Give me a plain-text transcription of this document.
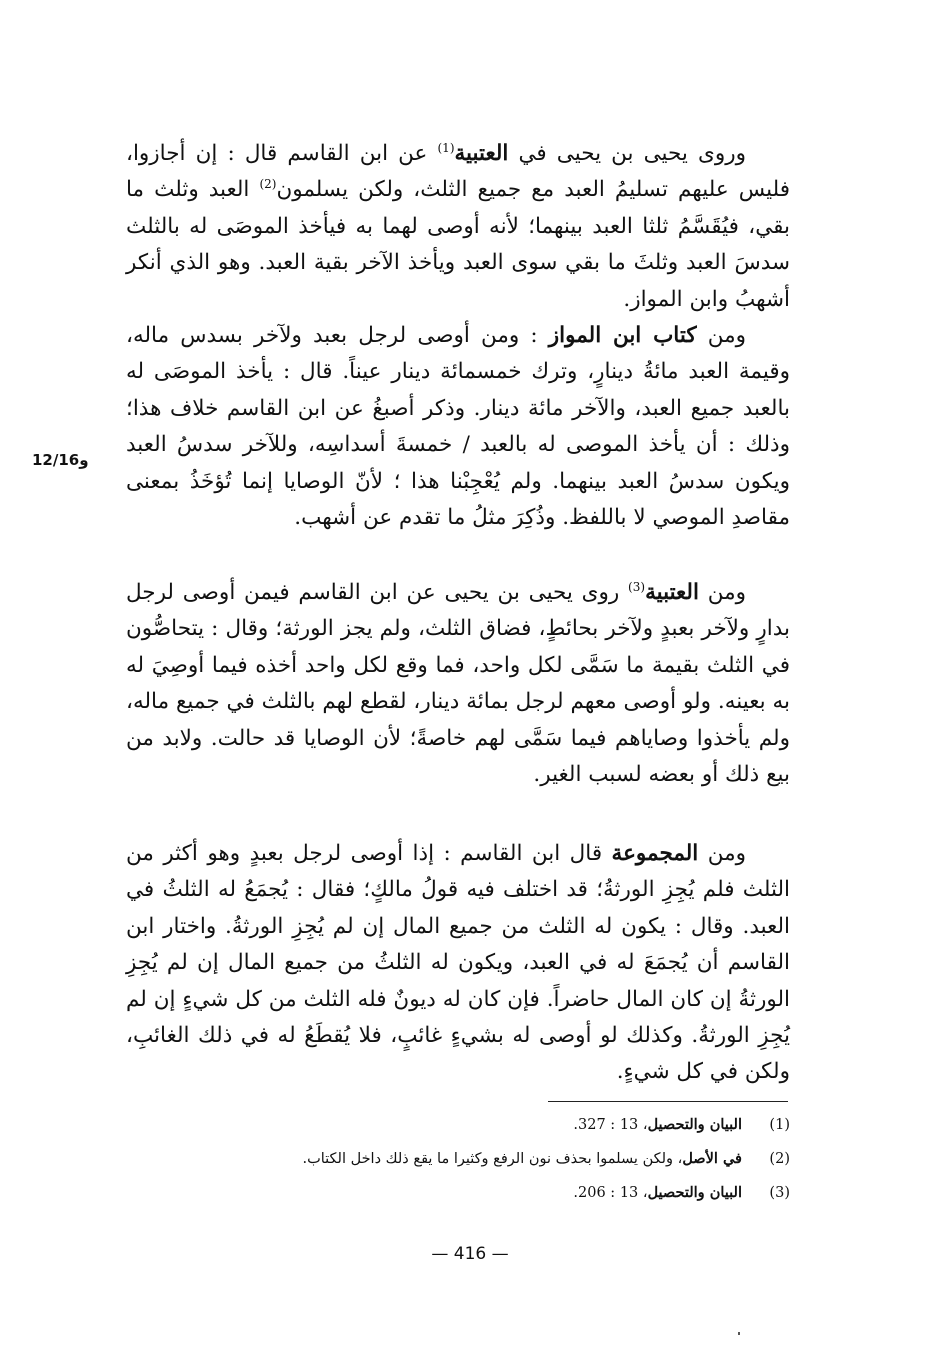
وروى يحيى بن يحيى في العتبية$^{(1)}$ عن ابن القاسم قال : إن أجازوا، فليس عليهم تسليمُ العبد مع جميع الثلث، ولكن يسلمون$^{(2)}$ العبد وثلث ما بقي، فيُقَسَّمُ ثلثا العبد بينهما؛ لأنه أوصى لهما به فيأخذ الموصَى له بالثلث سدسَ العبد وثلثَ ما بقي سوى العبد ويأخذ الآخر بقية العبد. وهو الذي أنكر أشهبُ وابن المواز.

ومن كتاب ابن المواز : ومن أوصى لرجل بعبد ولآخر بسدس ماله، وقيمة العبد مائةُ دينارٍ، وترك خمسمائة دينار عيناً. قال : يأخذ الموصَى له بالعبد جميع العبد، والآخر مائة دينار. وذكر أصبغُ عن ابن القاسم خلاف هذا؛ وذلك : أن يأخذ الموصى له بالعبد / خمسةَ أسداسِه، وللآخر سدسُ العبد ويكون سدسُ العبد بينهما. ولم يُعْجِبْنا هذا ؛ لأنّ الوصايا إنما تُؤخَذُ بمعنى مقاصدِ الموصي لا باللفظ. وذُكِرَ مثلُ ما تقدم عن أشهب.

12/16و

ومن العتبية$^{(3)}$ روى يحيى بن يحيى عن ابن القاسم فيمن أوصى لرجل بدارٍ ولآخر بعبدٍ ولآخر بحائطٍ، فضاق الثلث، ولم يجز الورثة؛ وقال : يتحاصُّون في الثلث بقيمة ما سَمَّى لكل واحد، فما وقع لكل واحد أخذه فيما أوصِيَ له به بعينه. ولو أوصى معهم لرجل بمائة دينار، لقطع لهم بالثلث في جميع ماله، ولم يأخذوا وصاياهم فيما سَمَّى لهم خاصةً؛ لأن الوصايا قد حالت. ولابد من بيع ذلك أو بعضه لسبب الغير.

ومن المجموعة قال ابن القاسم : إذا أوصى لرجل بعبدٍ وهو أكثر من الثلث فلم يُجِزِ الورثةُ؛ قد اختلف فيه قولُ مالكٍ؛ فقال : يُجمَعُ له الثلثُ في العبد. وقال : يكون له الثلث من جميع المال إن لم يُجِزِ الورثةُ. واختار ابن القاسم أن يُجمَعَ له في العبد، ويكون له الثلثُ من جميع المال إن لم يُجِزِ الورثةُ إن كان المال حاضراً. فإن كان له ديونٌ فله الثلث من كل شيءٍ إن لم يُجِزِ الورثةُ. وكذلك لو أوصى له بشيءٍ غائبٍ، فلا يُقطَعُ له في ذلك الغائبِ، ولكن في كل شيءٍ.

(1)
البيان والتحصيل، 13 : 327.
(2)
في الأصل، ولكن يسلموا بحذف نون الرفع وكثيرا ما يقع ذلك داخل الكتاب.
(3)
البيان والتحصيل، 13 : 206.
— 416 —
